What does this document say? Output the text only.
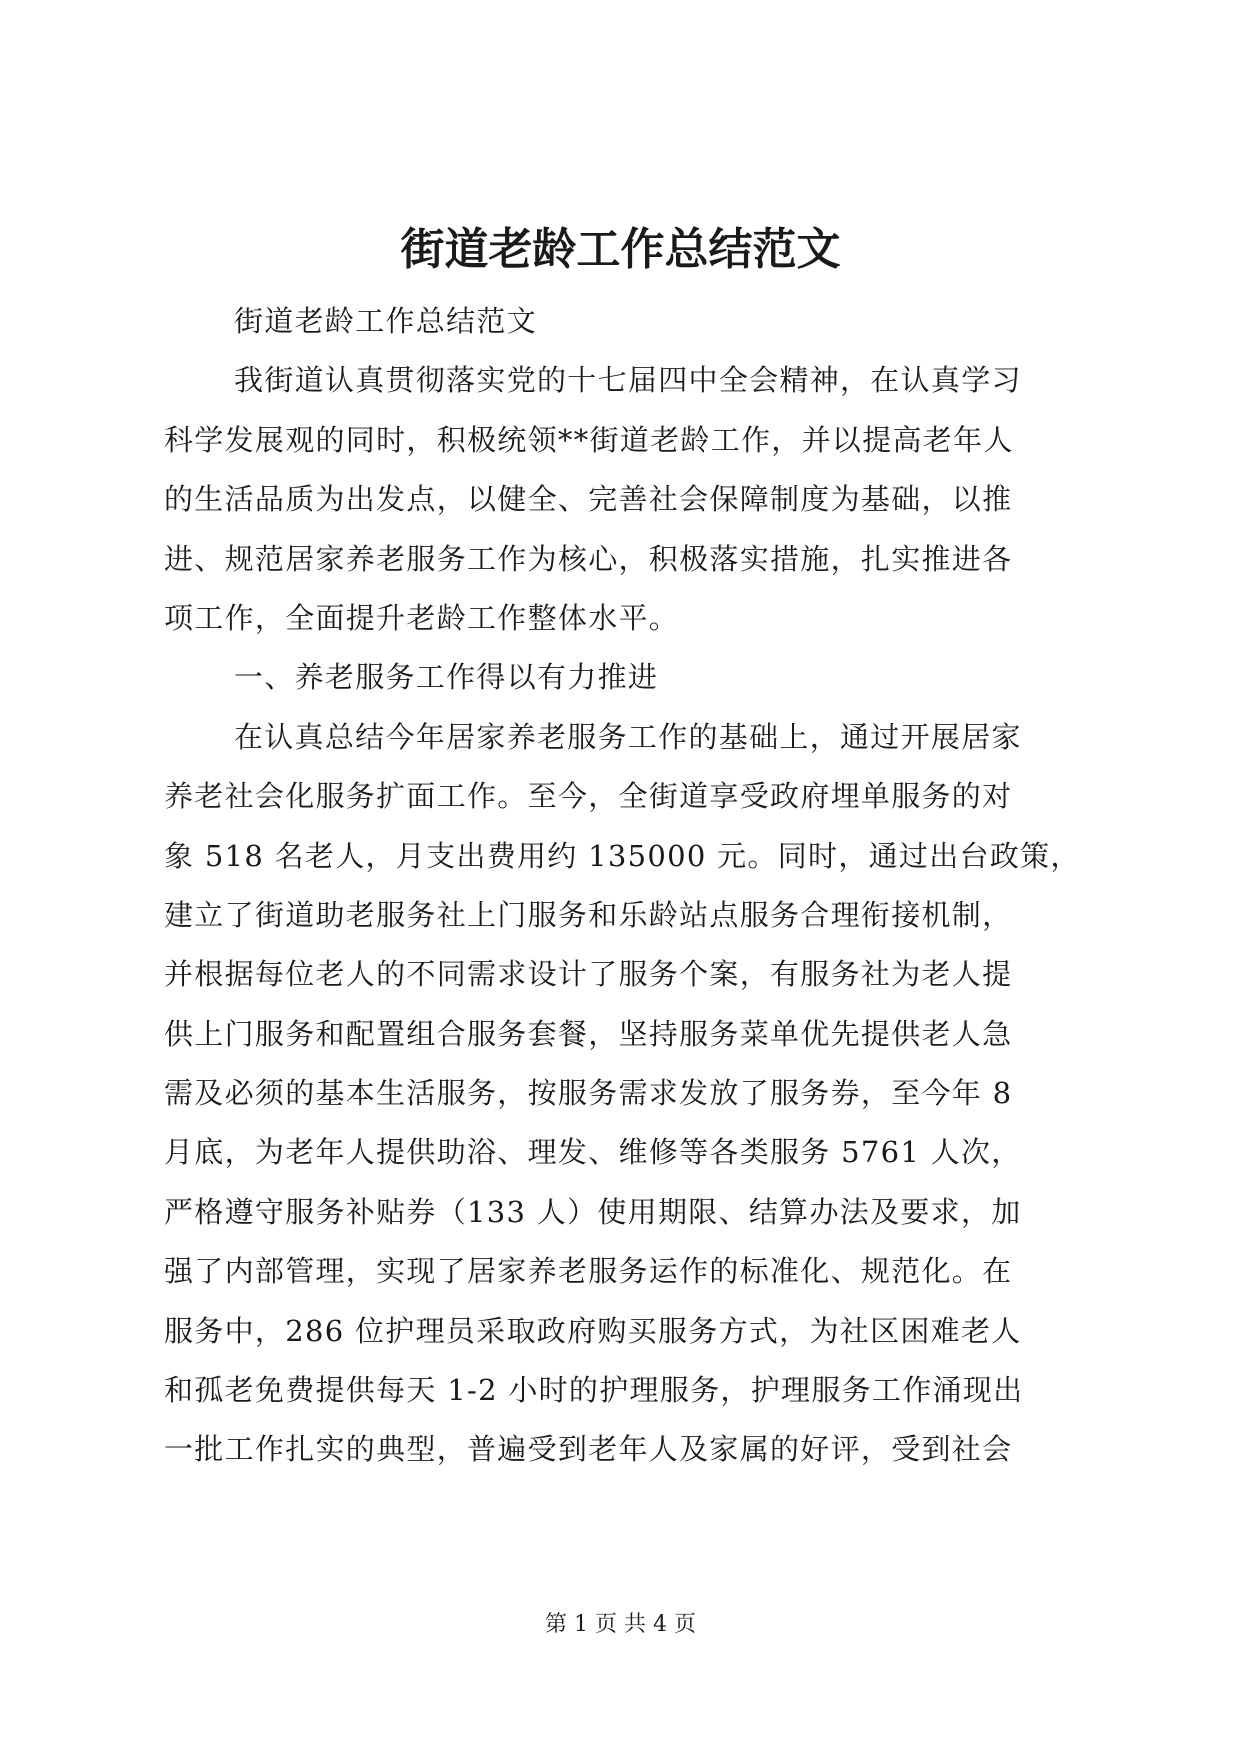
街道老龄工作总结范文
街道老龄工作总结范文
我街道认真贯彻落实党的十七届四中全会精神，在认真学习
科学发展观的同时，积极统领**街道老龄工作，并以提高老年人
的生活品质为出发点，以健全、完善社会保障制度为基础，以推
进、规范居家养老服务工作为核心，积极落实措施，扎实推进各
项工作，全面提升老龄工作整体水平。
一、养老服务工作得以有力推进
在认真总结今年居家养老服务工作的基础上，通过开展居家
养老社会化服务扩面工作。至今，全街道享受政府埋单服务的对
象 518 名老人，月支出费用约 135000 元。同时，通过出台政策，
建立了街道助老服务社上门服务和乐龄站点服务合理衔接机制，
并根据每位老人的不同需求设计了服务个案，有服务社为老人提
供上门服务和配置组合服务套餐，坚持服务菜单优先提供老人急
需及必须的基本生活服务，按服务需求发放了服务券，至今年 8
月底，为老年人提供助浴、理发、维修等各类服务 5761 人次，
严格遵守服务补贴券（133 人）使用期限、结算办法及要求，加
强了内部管理，实现了居家养老服务运作的标准化、规范化。在
服务中，286 位护理员采取政府购买服务方式，为社区困难老人
和孤老免费提供每天 1-2 小时的护理服务，护理服务工作涌现出
一批工作扎实的典型，普遍受到老年人及家属的好评，受到社会
第 1 页 共 4 页
